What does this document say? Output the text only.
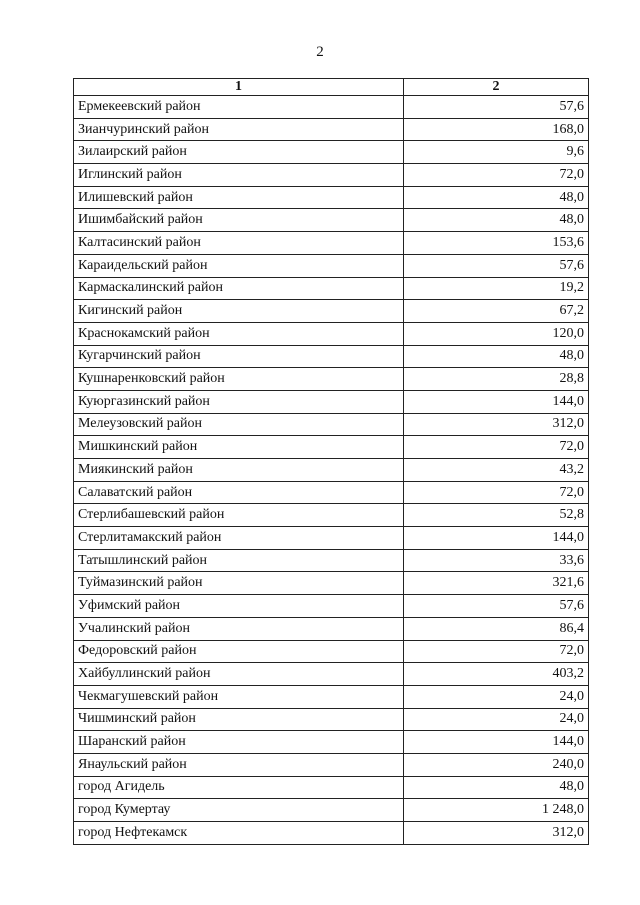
2
1	2
Ермекеевский район	57,6
Зианчуринский район	168,0
Зилаирский район	9,6
Иглинский район	72,0
Илишевский район	48,0
Ишимбайский район	48,0
Калтасинский район	153,6
Караидельский район	57,6
Кармаскалинский район	19,2
Кигинский район	67,2
Краснокамский район	120,0
Кугарчинский район	48,0
Кушнаренковский район	28,8
Куюргазинский район	144,0
Мелеузовский район	312,0
Мишкинский район	72,0
Миякинский район	43,2
Салаватский район	72,0
Стерлибашевский район	52,8
Стерлитамакский район	144,0
Татышлинский район	33,6
Туймазинский район	321,6
Уфимский район	57,6
Учалинский район	86,4
Федоровский район	72,0
Хайбуллинский район	403,2
Чекмагушевский район	24,0
Чишминский район	24,0
Шаранский район	144,0
Янаульский район	240,0
город Агидель	48,0
город Кумертау	1 248,0
город Нефтекамск	312,0
